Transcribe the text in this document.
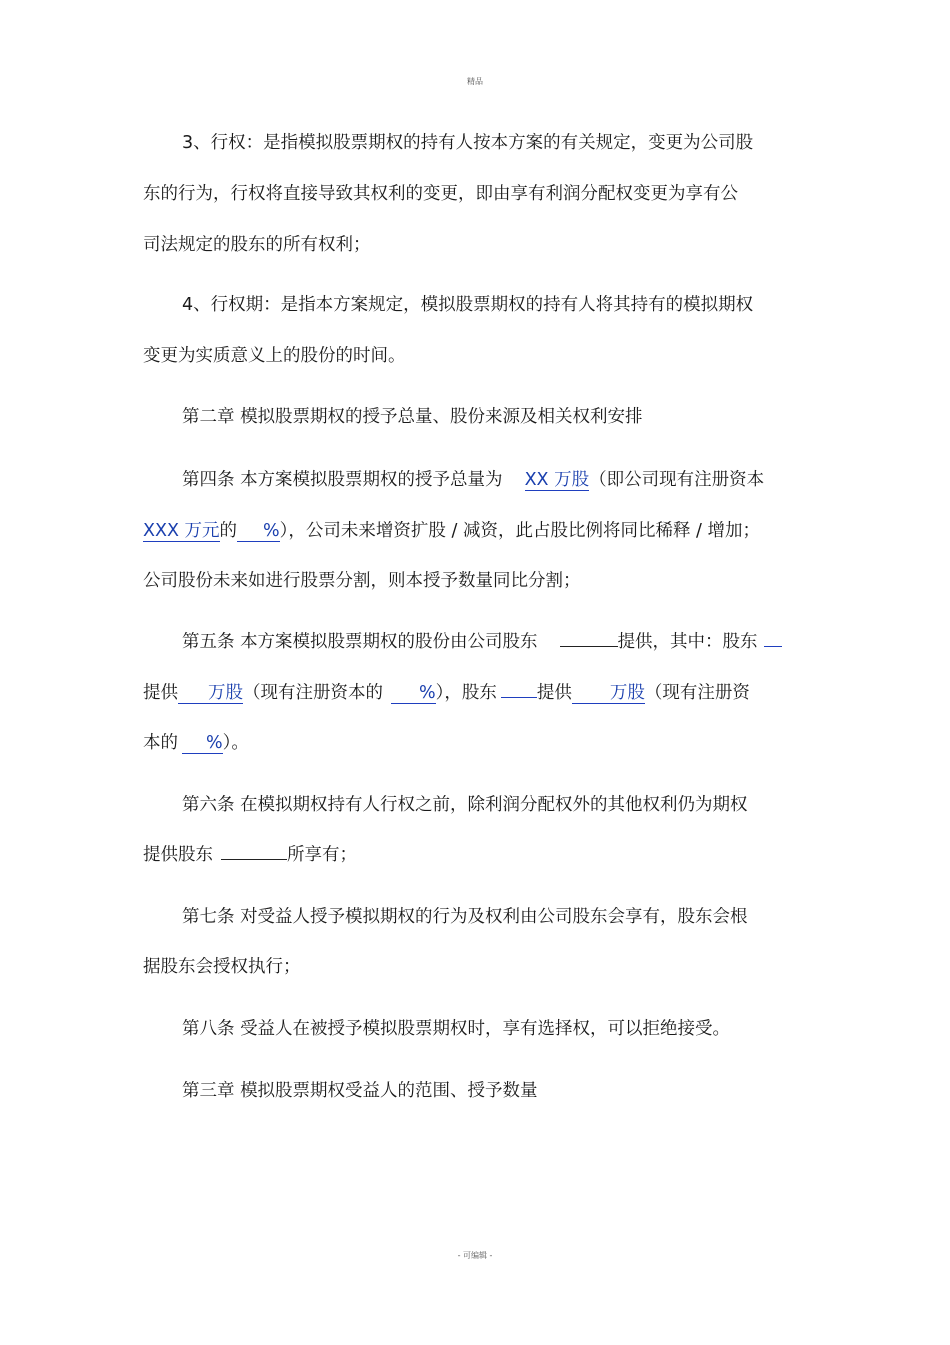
精品
3、行权：是指模拟股票期权的持有人按本方案的有关规定，变更为公司股
东的行为，行权将直接导致其权利的变更，即由享有利润分配权变更为享有公
司法规定的股东的所有权利；
4、行权期：是指本方案规定，模拟股票期权的持有人将其持有的模拟期权
变更为实质意义上的股份的时间。
第二章 模拟股票期权的授予总量、股份来源及相关权利安排
第四条 本方案模拟股票期权的授予总量为 XX 万股（即公司现有注册资本
XXX 万元的 %），公司未来增资扩股 / 减资，此占股比例将同比稀释 / 增加；
公司股份未来如进行股票分割，则本授予数量同比分割；
第五条 本方案模拟股票期权的股份由公司股东	提供，其中：股东
提供 万股（现有注册资本的 %），股东 提供 万股（现有注册资
本的 %）。
第六条 在模拟期权持有人行权之前，除利润分配权外的其他权利仍为期权
提供股东	所享有；
第七条 对受益人授予模拟期权的行为及权利由公司股东会享有，股东会根
据股东会授权执行；
第八条 受益人在被授予模拟股票期权时，享有选择权，可以拒绝接受。
第三章 模拟股票期权受益人的范围、授予数量
- 可编辑 -
